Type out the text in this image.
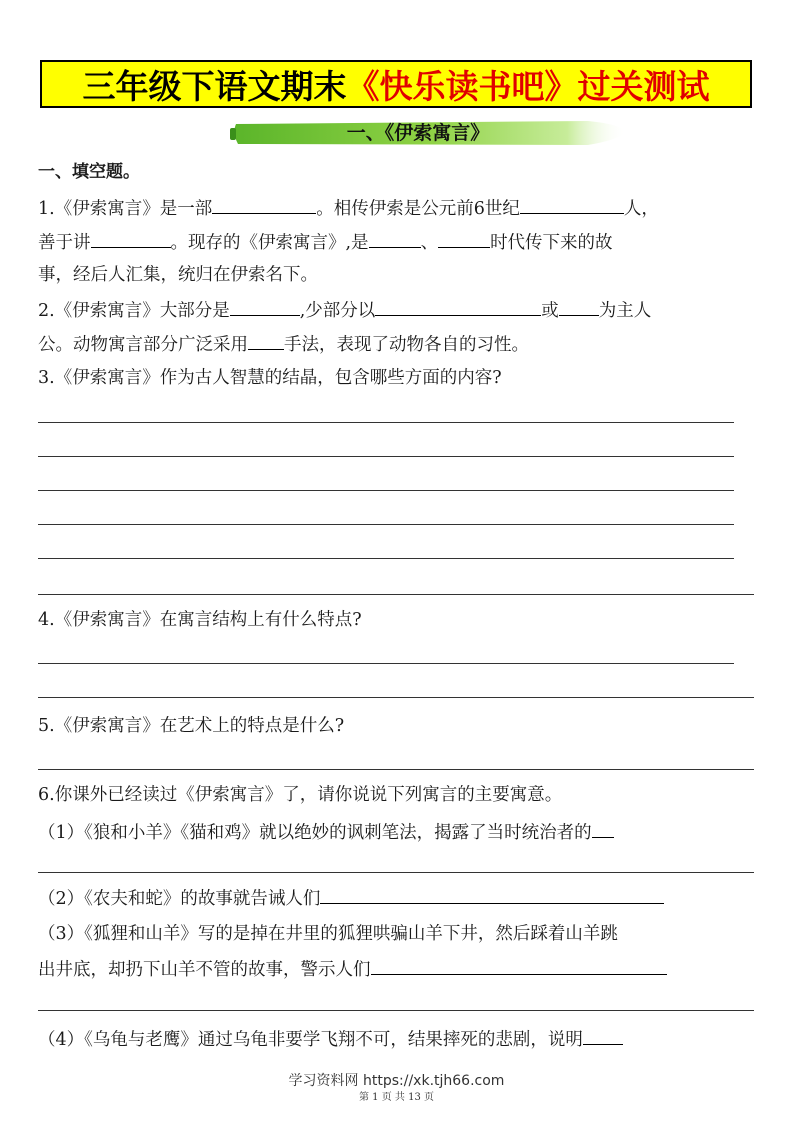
三年级下语文期末 《快乐读书吧》过关测试
一、《伊索寓言》
一、填空题。
1.《伊索寓言》是一部	。相传伊索是公元前6世纪	人，
善于讲	。现存的《伊索寓言》,是	、	时代传下来的故
事，经后人汇集，统归在伊索名下。
2.《伊索寓言》大部分是	,少部分以	或 为主人
公。动物寓言部分广泛采用 手法，表现了动物各自的习性。
3.《伊索寓言》作为古人智慧的结晶，包含哪些方面的内容?
4.《伊索寓言》在寓言结构上有什么特点?
5.《伊索寓言》在艺术上的特点是什么?
6.你课外已经读过《伊索寓言》了，请你说说下列寓言的主要寓意。
（1）《狼和小羊》《猫和鸡》就以绝妙的讽刺笔法，揭露了当时统治者的
（2）《农夫和蛇》的故事就告诫人们
（3）《狐狸和山羊》写的是掉在井里的狐狸哄骗山羊下井，然后踩着山羊跳
出井底，却扔下山羊不管的故事，警示人们
（4）《乌龟与老鹰》通过乌龟非要学飞翔不可，结果摔死的悲剧，说明
学习资料网 https://xk.tjh66.com
第 1 页 共 13 页
